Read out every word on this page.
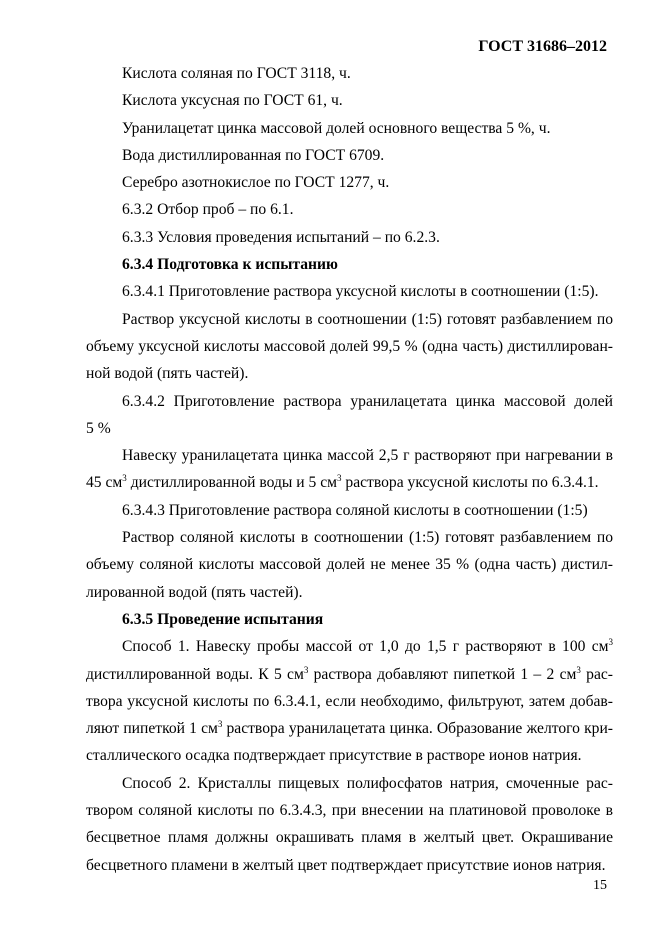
ГОСТ 31686–2012
Кислота соляная по ГОСТ 3118, ч.
Кислота уксусная по ГОСТ 61, ч.
Уранилацетат цинка массовой долей основного вещества 5 %, ч.
Вода дистиллированная по ГОСТ 6709.
Серебро азотнокислое по ГОСТ 1277, ч.
6.3.2 Отбор проб – по 6.1.
6.3.3 Условия проведения испытаний – по 6.2.3.
6.3.4 Подготовка к испытанию
6.3.4.1 Приготовление раствора уксусной кислоты в соотношении (1:5).
Раствор уксусной кислоты в соотношении (1:5) готовят разбавлением по
объему уксусной кислоты массовой долей 99,5 % (одна часть) дистиллирован-
ной водой (пять частей).
6.3.4.2 Приготовление раствора уранилацетата цинка массовой долей
5 %
Навеску уранилацетата цинка массой 2,5 г растворяют при нагревании в
45 $см^3$ дистиллированной воды и 5 $см^3$ раствора уксусной кислоты по 6.3.4.1.
6.3.4.3 Приготовление раствора соляной кислоты в соотношении (1:5)
Раствор соляной кислоты в соотношении (1:5) готовят разбавлением по
объему соляной кислоты массовой долей не менее 35 % (одна часть) дистил-
лированной водой (пять частей).
6.3.5 Проведение испытания
Способ 1. Навеску пробы массой от 1,0 до 1,5 г растворяют в 100 $см^3$
дистиллированной воды. К 5 $см^3$ раствора добавляют пипеткой 1 – 2 $см^3$ рас-
твора уксусной кислоты по 6.3.4.1, если необходимо, фильтруют, затем добав-
ляют пипеткой 1 $см^3$ раствора уранилацетата цинка. Образование желтого кри-
сталлического осадка подтверждает присутствие в растворе ионов натрия.
Способ 2. Кристаллы пищевых полифосфатов натрия, смоченные рас-
твором соляной кислоты по 6.3.4.3, при внесении на платиновой проволоке в
бесцветное пламя должны окрашивать пламя в желтый цвет. Окрашивание
бесцветного пламени в желтый цвет подтверждает присутствие ионов натрия.
15
